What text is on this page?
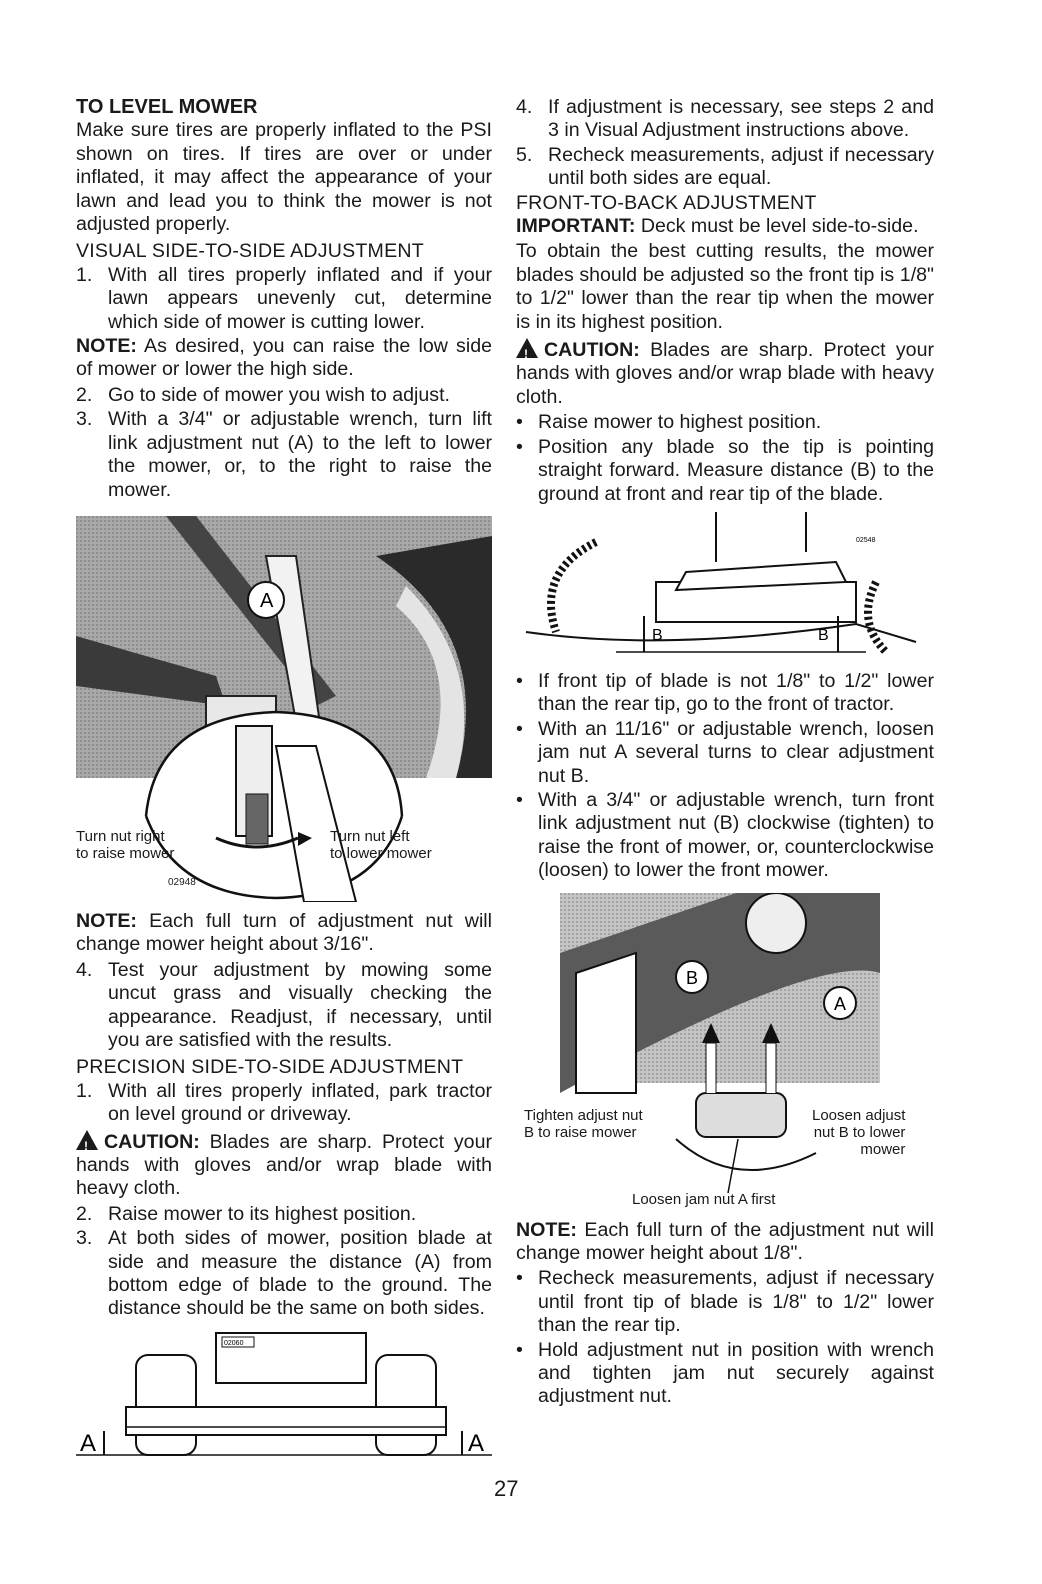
TO LEVEL MOWER

Make sure tires are properly inflated to the PSI shown on tires. If tires are over or under inflated, it may affect the appearance of your lawn and lead you to think the mower is not adjusted properly.

VISUAL SIDE-TO-SIDE ADJUSTMENT
1. With all tires properly inflated and if your lawn appears unevenly cut, determine which side of mower is cutting lower.

NOTE: As desired, you can raise the low side of mower or lower the high side.

2. Go to side of mower you wish to adjust.
3. With a 3/4" or adjustable wrench, turn lift link adjustment nut (A) to the left to lower the mower, or, to the right to raise the mower.
A
Turn nut right
to raise mower
Turn nut left
to lower mower
02948

NOTE: Each full turn of adjustment nut will change mower height about 3/16".

4. Test your adjustment by mowing some uncut grass and visually checking the appearance. Readjust, if necessary, until you are satisfied with the results.
PRECISION SIDE-TO-SIDE ADJUSTMENT
1. With all tires properly inflated, park tractor on level ground or driveway.

!CAUTION: Blades are sharp. Protect your hands with gloves and/or wrap blade with heavy cloth.

2. Raise mower to its highest position.
3. At both sides of mower, position blade at side and measure the distance (A) from bottom edge of blade to the ground. The distance should be the same on both sides.
02060
A	A
4. If adjustment is necessary, see steps 2 and 3 in Visual Adjustment instructions above.
5. Recheck measurements, adjust if necessary until both sides are equal.
FRONT-TO-BACK ADJUSTMENT

IMPORTANT: Deck must be level side-to-side.

To obtain the best cutting results, the mower blades should be adjusted so the front tip is 1/8" to 1/2" lower than the rear tip when the mower is in its highest position.

!CAUTION: Blades are sharp. Protect your hands with gloves and/or wrap blade with heavy cloth.

• Raise mower to highest position.
• Position any blade so the tip is pointing straight forward. Measure distance (B) to the ground at front and rear tip of the blade.
B	B
02548
• If front tip of blade is not 1/8" to 1/2" lower than the rear tip, go to the front of tractor.
• With an 11/16" or adjustable wrench, loosen jam nut A several turns to clear adjustment nut B.
• With a 3/4" or adjustable wrench, turn front link adjustment nut (B) clockwise (tighten) to raise the front of mower, or, counterclockwise (loosen) to lower the front mower.
B
A
Tighten adjust nut
B to raise mower
Loosen adjust
nut B to lower
mower
Loosen jam nut A first

NOTE: Each full turn of the adjustment nut will change mower height about 1/8".

• Recheck measurements, adjust if necessary until front tip of blade is 1/8" to 1/2" lower than the rear tip.
• Hold adjustment nut in position with wrench and tighten jam nut securely against adjustment nut.
27
